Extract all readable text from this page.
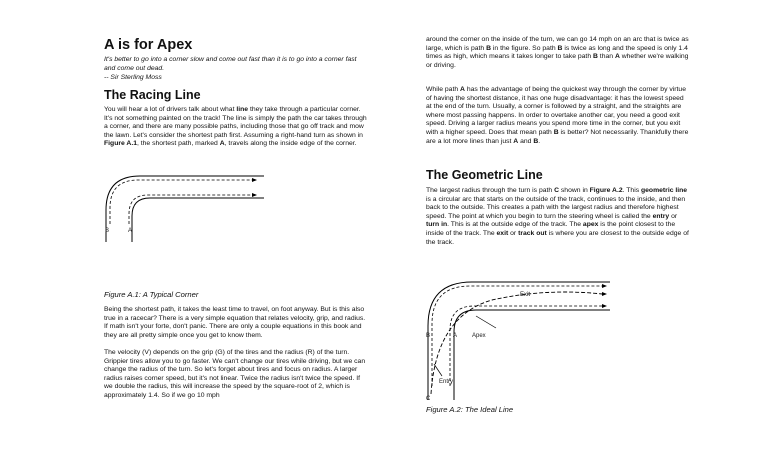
A is for Apex
It's better to go into a corner slow and come out fast than it is to go into a corner fast and come out dead.
-- Sir Sterling Moss
The Racing Line

You will hear a lot of drivers talk about what line they take through a particular corner. It's not something painted on the track! The line is simply the path the car takes through a corner, and there are many possible paths, including those that go off track and mow the lawn. Let's consider the shortest path first. Assuming a right-hand turn as shown in Figure A.1, the shortest path, marked A, travels along the inside edge of the corner.

B	A
Figure A.1: A Typical Corner

Being the shortest path, it takes the least time to travel, on foot anyway. But is this also true in a racecar? There is a very simple equation that relates velocity, grip, and radius. If math isn't your forte, don't panic. There are only a couple equations in this book and they are all pretty simple once you get to know them.

The velocity (V) depends on the grip (G) of the tires and the radius (R) of the turn. Grippier tires allow you to go faster. We can't change our tires while driving, but we can change the radius of the turn. So let's forget about tires and focus on radius. A larger radius raises corner speed, but it's not linear. Twice the radius isn't twice the speed. If we double the radius, this will increase the speed by the square-root of 2, which is approximately 1.4. So if we go 10 mph

around the corner on the inside of the turn, we can go 14 mph on an arc that is twice as large, which is path B in the figure. So path B is twice as long and the speed is only 1.4 times as high, which means it takes longer to take path B than A whether we're walking or driving.

While path A has the advantage of being the quickest way through the corner by virtue of having the shortest distance, it has one huge disadvantage: it has the lowest speed at the end of the turn. Usually, a corner is followed by a straight, and the straights are where most passing happens. In order to overtake another car, you need a good exit speed. Driving a larger radius means you spend more time in the corner, but you exit with a higher speed. Does that mean path B is better? Not necessarily. Thankfully there are a lot more lines than just A and B.

The Geometric Line

The largest radius through the turn is path C shown in Figure A.2. This geometric line is a circular arc that starts on the outside of the track, continues to the inside, and then back to the outside. This creates a path with the largest radius and therefore highest speed. The point at which you begin to turn the steering wheel is called the entry or turn in. This is at the outside edge of the track. The apex is the point closest to the inside of the track. The exit or track out is where you are closest to the outside edge of the track.

Exit
Apex
Entry
B	A
C
Figure A.2: The Ideal Line
